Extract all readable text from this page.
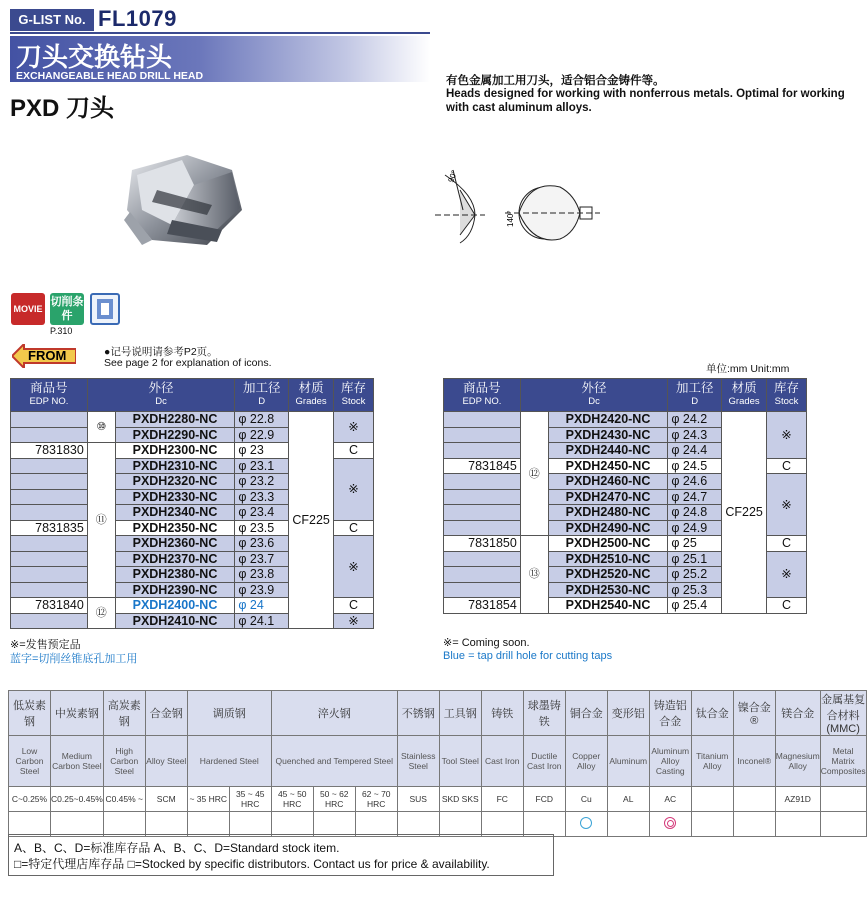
G-LIST No. FL1079
刀头交换钻头
EXCHANGEABLE HEAD DRILL HEAD
PXD 刀头
有色金属加工用刀头，适合铝合金铸件等。
Heads designed for working with nonferrous metals. Optimal for working with cast aluminum alloys.
90°
140°
MOVIE
切削条件
P.310
FROM	●记号说明请参考P2页。
See page 2 for explanation of icons.	单位:mm Unit:mm
商品号
EDP NO.	外径
Dc		加工径
D	材质
Grades	库存
Stock

	⑩	PXDH2280-NC	φ 22.8	CF225	※
		PXDH2290-NC	φ 22.9		
7831830	⑪	PXDH2300-NC	φ 23		C
		PXDH2310-NC	φ 23.1		※
		PXDH2320-NC	φ 23.2		
		PXDH2330-NC	φ 23.3		
		PXDH2340-NC	φ 23.4		
7831835		PXDH2350-NC	φ 23.5		C
		PXDH2360-NC	φ 23.6		※
		PXDH2370-NC	φ 23.7		
		PXDH2380-NC	φ 23.8		
		PXDH2390-NC	φ 23.9		
7831840	⑫	PXDH2400-NC	φ 24		C
		PXDH2410-NC	φ 24.1		※
商品号
EDP NO.	外径
Dc		加工径
D	材质
Grades	库存
Stock

	⑫	PXDH2420-NC	φ 24.2	CF225	※
		PXDH2430-NC	φ 24.3		
		PXDH2440-NC	φ 24.4		
7831845		PXDH2450-NC	φ 24.5		C
		PXDH2460-NC	φ 24.6		※
		PXDH2470-NC	φ 24.7		
		PXDH2480-NC	φ 24.8		
		PXDH2490-NC	φ 24.9		
7831850	⑬	PXDH2500-NC	φ 25		C
		PXDH2510-NC	φ 25.1		※
		PXDH2520-NC	φ 25.2		
		PXDH2530-NC	φ 25.3		
7831854		PXDH2540-NC	φ 25.4		C
※=发售预定品
蓝字=切削丝锥底孔加工用
※= Coming soon.
Blue = tap drill hole for cutting taps
低炭素钢	中炭素钢	高炭素钢	合金钢	调质钢		淬火钢			不锈钢	工具钢	铸铁	球墨铸铁	铜合金	变形铝	铸造铝合金	钛合金	镍合金 ®	镁合金	金属基复合材料(MMC)
Low Carbon Steel	Medium Carbon Steel	High Carbon Steel	Alloy Steel	Hardened Steel		Quenched and Tempered Steel			Stainless Steel	Tool Steel	Cast Iron	Ductile Cast Iron	Copper Alloy	Aluminum	Aluminum Alloy Casting	Titanium Alloy	Inconel®	Magnesium Alloy	Metal Matrix Composites
C~0.25%	C0.25~0.45%	C0.45% ~	SCM	~ 35 HRC	35 ~ 45 HRC	45 ~ 50 HRC	50 ~ 62 HRC	62 ~ 70 HRC	SUS	SKD SKS	FC	FCD	Cu	AL	AC			AZ91D	

A、B、C、D=标准库存品 A、B、C、D=Standard stock item.
□=特定代理店库存品 □=Stocked by specific distributors. Contact us for price & availability.
